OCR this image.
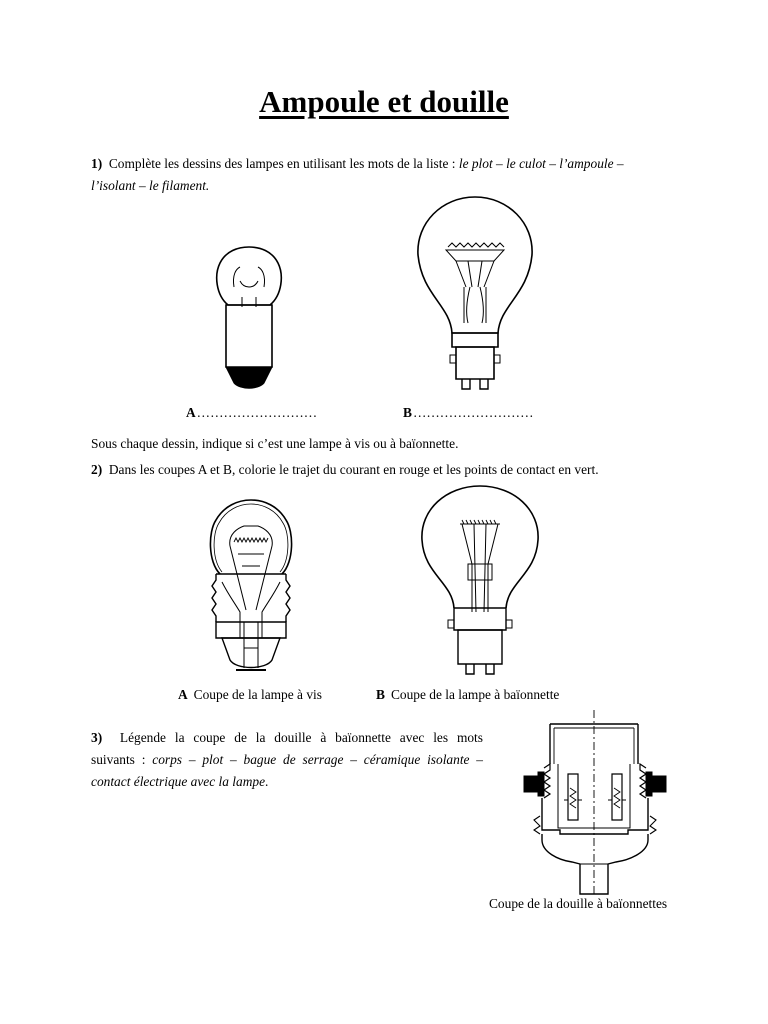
Ampoule et douille
1) Complète les dessins des lampes en utilisant les mots de la liste : le plot – le culot – l’ampoule –
l’isolant – le filament.
A………………………	B………………………
Sous chaque dessin, indique si c’est une lampe à vis ou à baïonnette.
2) Dans les coupes A et B, colorie le trajet du courant en rouge et les points de contact en vert.
A Coupe de la lampe à vis	B Coupe de la lampe à baïonnette
3) Légende la coupe de la douille à baïonnette avec les mots
suivants : corps – plot – bague de serrage – céramique isolante –
contact électrique avec la lampe.
Coupe de la douille à baïonnettes
